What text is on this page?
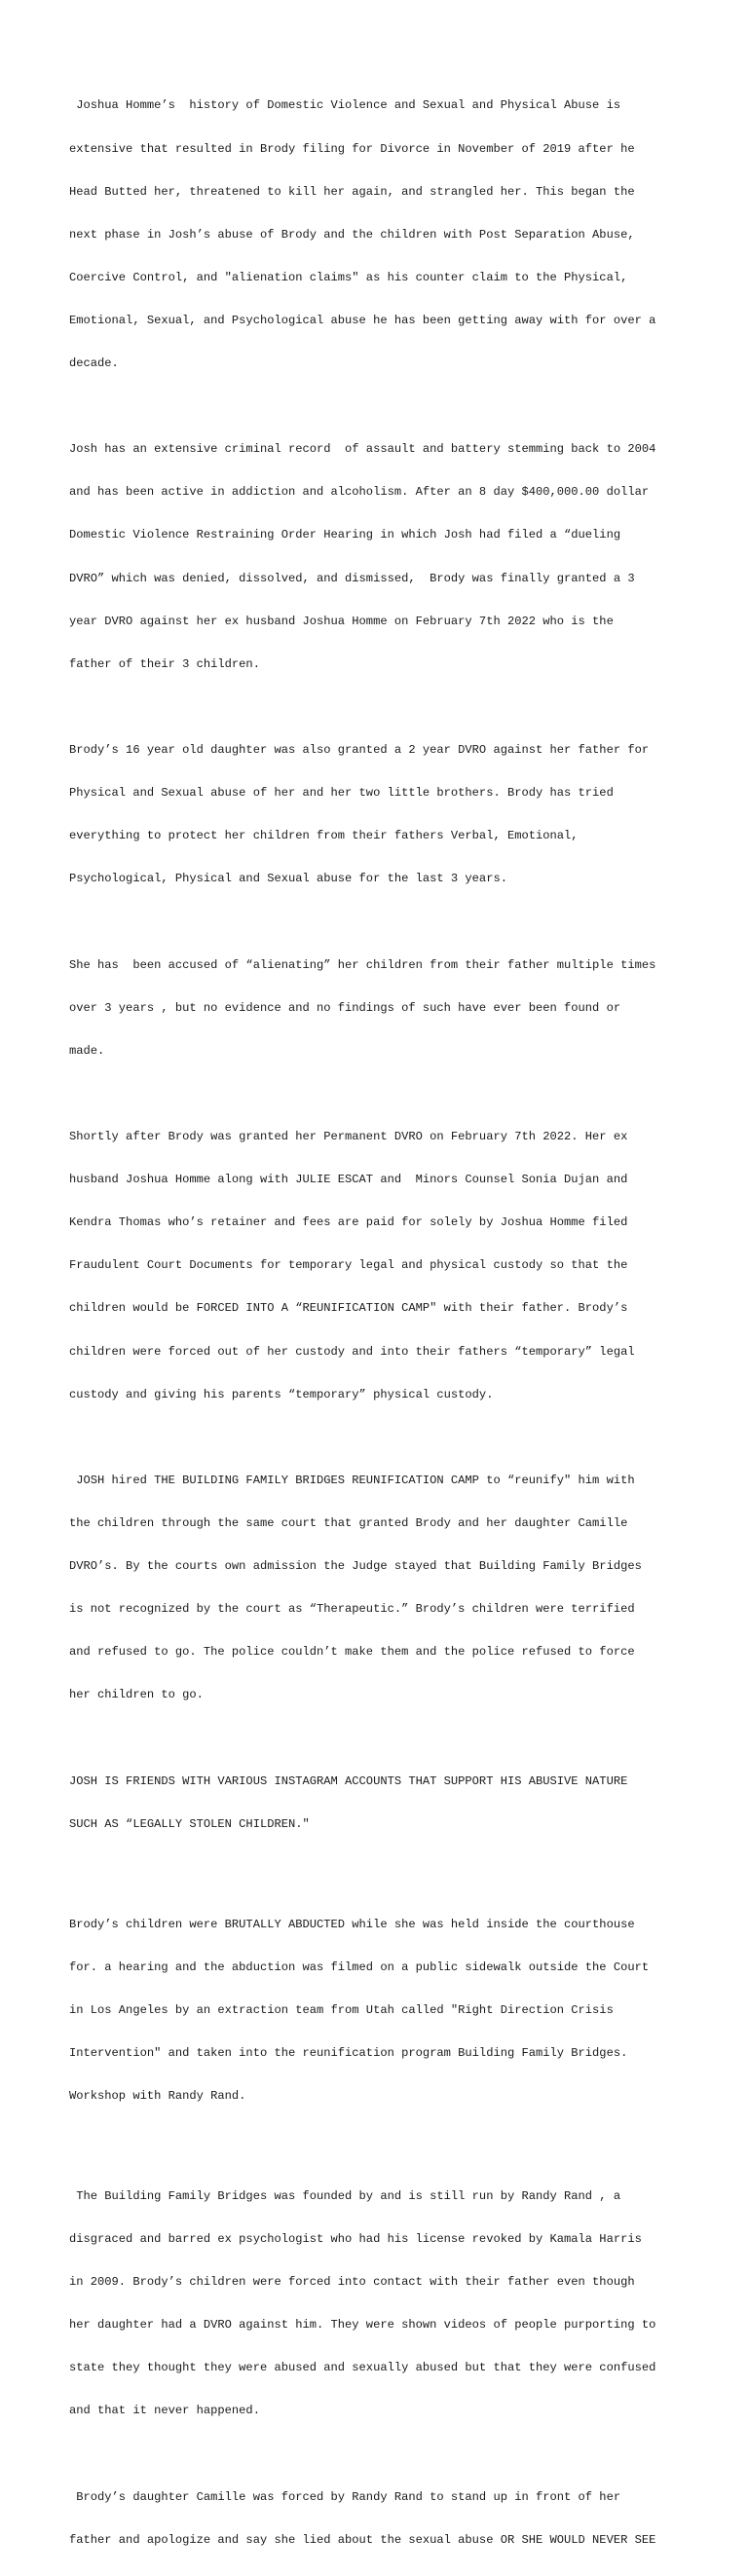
Joshua Homme’s  history of Domestic Violence and Sexual and Physical Abuse is

extensive that resulted in Brody filing for Divorce in November of 2019 after he

Head Butted her, threatened to kill her again, and strangled her. This began the

next phase in Josh’s abuse of Brody and the children with Post Separation Abuse,

Coercive Control, and "alienation claims" as his counter claim to the Physical,

Emotional, Sexual, and Psychological abuse he has been getting away with for over a

decade.

Josh has an extensive criminal record  of assault and battery stemming back to 2004

and has been active in addiction and alcoholism. After an 8 day $400,000.00 dollar

Domestic Violence Restraining Order Hearing in which Josh had filed a “dueling

DVRO” which was denied, dissolved, and dismissed,  Brody was finally granted a 3

year DVRO against her ex husband Joshua Homme on February 7th 2022 who is the

father of their 3 children.

Brody’s 16 year old daughter was also granted a 2 year DVRO against her father for

Physical and Sexual abuse of her and her two little brothers. Brody has tried

everything to protect her children from their fathers Verbal, Emotional,

Psychological, Physical and Sexual abuse for the last 3 years.

She has  been accused of “alienating” her children from their father multiple times

over 3 years , but no evidence and no findings of such have ever been found or

made.

Shortly after Brody was granted her Permanent DVRO on February 7th 2022. Her ex

husband Joshua Homme along with JULIE ESCAT and  Minors Counsel Sonia Dujan and

Kendra Thomas who’s retainer and fees are paid for solely by Joshua Homme filed

Fraudulent Court Documents for temporary legal and physical custody so that the

children would be FORCED INTO A “REUNIFICATION CAMP" with their father. Brody’s

children were forced out of her custody and into their fathers “temporary” legal

custody and giving his parents “temporary” physical custody.

JOSH hired THE BUILDING FAMILY BRIDGES REUNIFICATION CAMP to “reunify" him with

the children through the same court that granted Brody and her daughter Camille

DVRO’s. By the courts own admission the Judge stayed that Building Family Bridges

is not recognized by the court as “Therapeutic.” Brody’s children were terrified

and refused to go. The police couldn’t make them and the police refused to force

her children to go.

JOSH IS FRIENDS WITH VARIOUS INSTAGRAM ACCOUNTS THAT SUPPORT HIS ABUSIVE NATURE

SUCH AS “LEGALLY STOLEN CHILDREN."

Brody’s children were BRUTALLY ABDUCTED while she was held inside the courthouse

for. a hearing and the abduction was filmed on a public sidewalk outside the Court

in Los Angeles by an extraction team from Utah called "Right Direction Crisis

Intervention" and taken into the reunification program Building Family Bridges.

Workshop with Randy Rand.

The Building Family Bridges was founded by and is still run by Randy Rand , a

disgraced and barred ex psychologist who had his license revoked by Kamala Harris

in 2009. Brody’s children were forced into contact with their father even though

her daughter had a DVRO against him. They were shown videos of people purporting to

state they thought they were abused and sexually abused but that they were confused

and that it never happened.

Brody’s daughter Camille was forced by Randy Rand to stand up in front of her

father and apologize and say she lied about the sexual abuse OR SHE WOULD NEVER SEE
